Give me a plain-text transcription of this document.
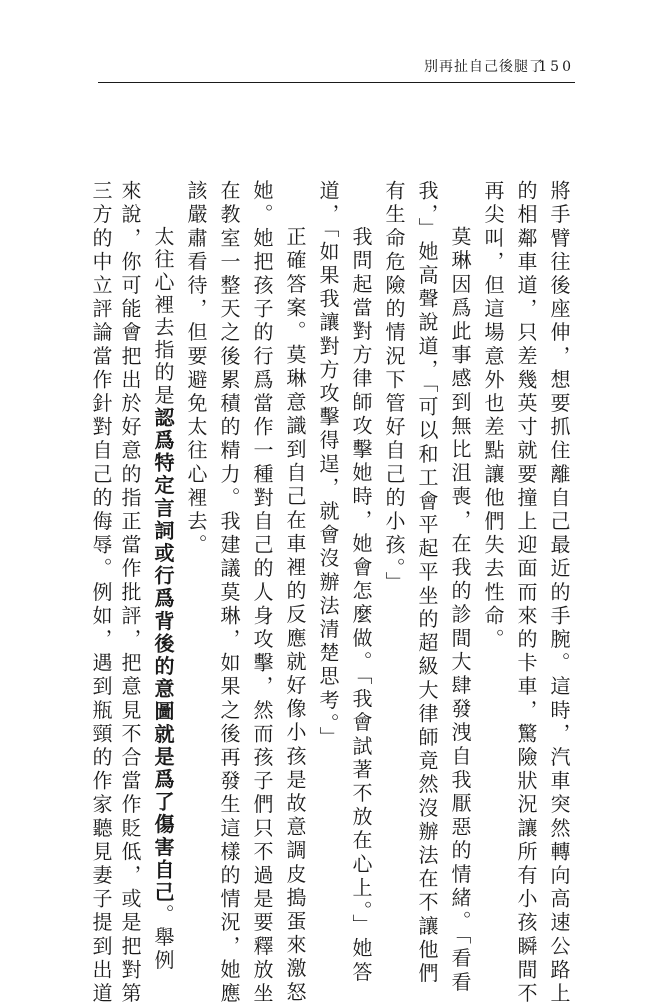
別再扯自己後腿了
150
將手臂往後座伸，想要抓住離自己最近的手腕。這時，汽車突然轉向高速公路上
的相鄰車道，只差幾英寸就要撞上迎面而來的卡車，驚險狀況讓所有小孩瞬間不
再尖叫，但這場意外也差點讓他們失去性命。
莫琳因爲此事感到無比沮喪，在我的診間大肆發洩自我厭惡的情緒。「看看
我，」她高聲說道，「可以和工會平起平坐的超級大律師竟然沒辦法在不讓他們
有生命危險的情況下管好自己的小孩。」
我問起當對方律師攻擊她時，她會怎麼做。「我會試著不放在心上。」她答
道，「如果我讓對方攻擊得逞，就會沒辦法清楚思考。」
正確答案。莫琳意識到自己在車裡的反應就好像小孩是故意調皮搗蛋來激怒
她。她把孩子的行爲當作一種對自己的人身攻擊，然而孩子們只不過是要釋放坐
在教室一整天之後累積的精力。我建議莫琳，如果之後再發生這樣的情況，她應
該嚴肅看待，但要避免太往心裡去。
太往心裡去指的是認爲特定言詞或行爲背後的意圖就是爲了傷害自己。舉例
來說，你可能會把出於好意的指正當作批評，把意見不合當作貶低，或是把對第
三方的中立評論當作針對自己的侮辱。例如，遇到瓶頸的作家聽見妻子提到出道
